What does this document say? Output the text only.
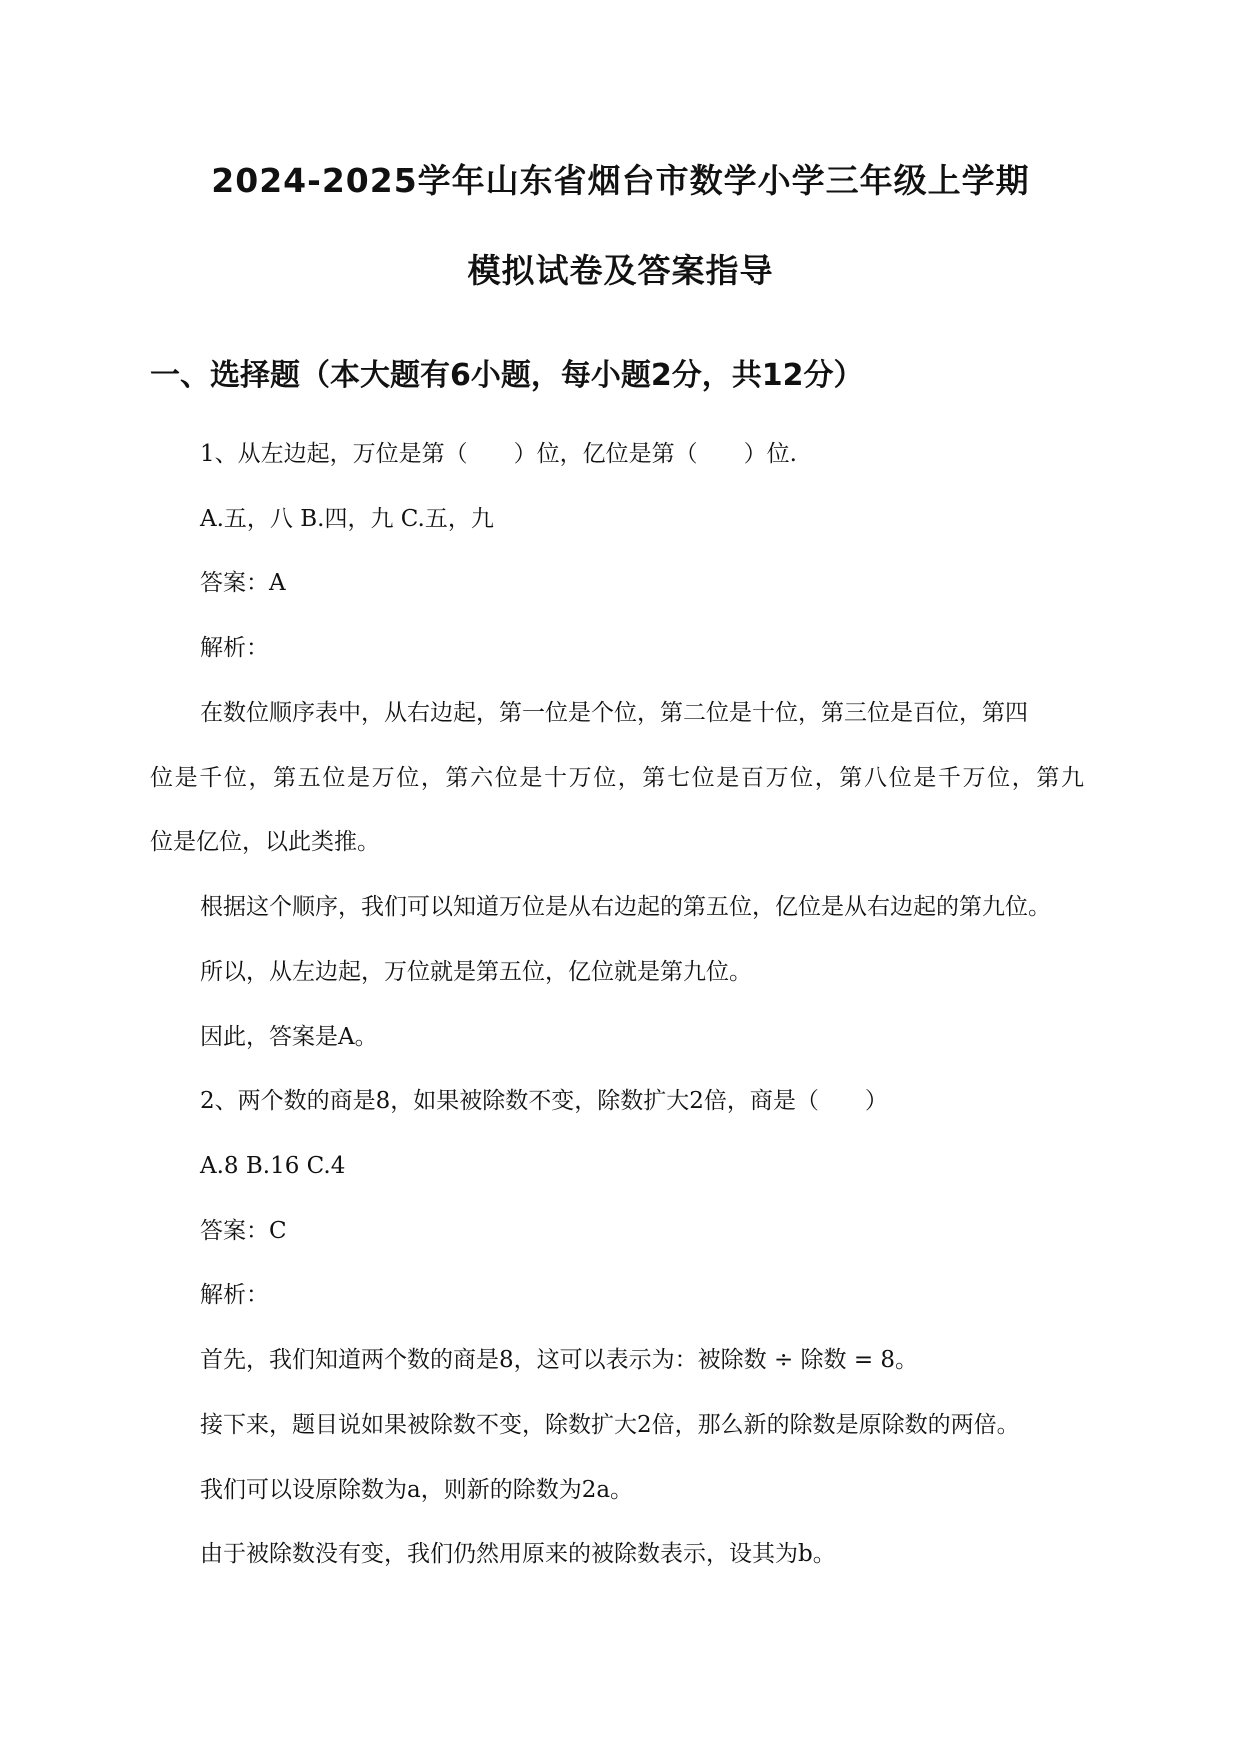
2024-2025学年山东省烟台市数学小学三年级上学期
模拟试卷及答案指导
一、选择题（本大题有6小题，每小题2分，共12分）
1、从左边起，万位是第（　　）位，亿位是第（　　）位.
A.五，八 B.四，九 C.五，九
答案：A
解析：
在数位顺序表中，从右边起，第一位是个位，第二位是十位，第三位是百位，第四
位是千位，第五位是万位，第六位是十万位，第七位是百万位，第八位是千万位，第九
位是亿位，以此类推。
根据这个顺序，我们可以知道万位是从右边起的第五位，亿位是从右边起的第九位。
所以，从左边起，万位就是第五位，亿位就是第九位。
因此，答案是A。
2、两个数的商是8，如果被除数不变，除数扩大2倍，商是（　　）
A.8 B.16 C.4
答案：C
解析：
首先，我们知道两个数的商是8，这可以表示为：被除数 ÷ 除数 = 8。
接下来，题目说如果被除数不变，除数扩大2倍，那么新的除数是原除数的两倍。
我们可以设原除数为a，则新的除数为2a。
由于被除数没有变，我们仍然用原来的被除数表示，设其为b。
